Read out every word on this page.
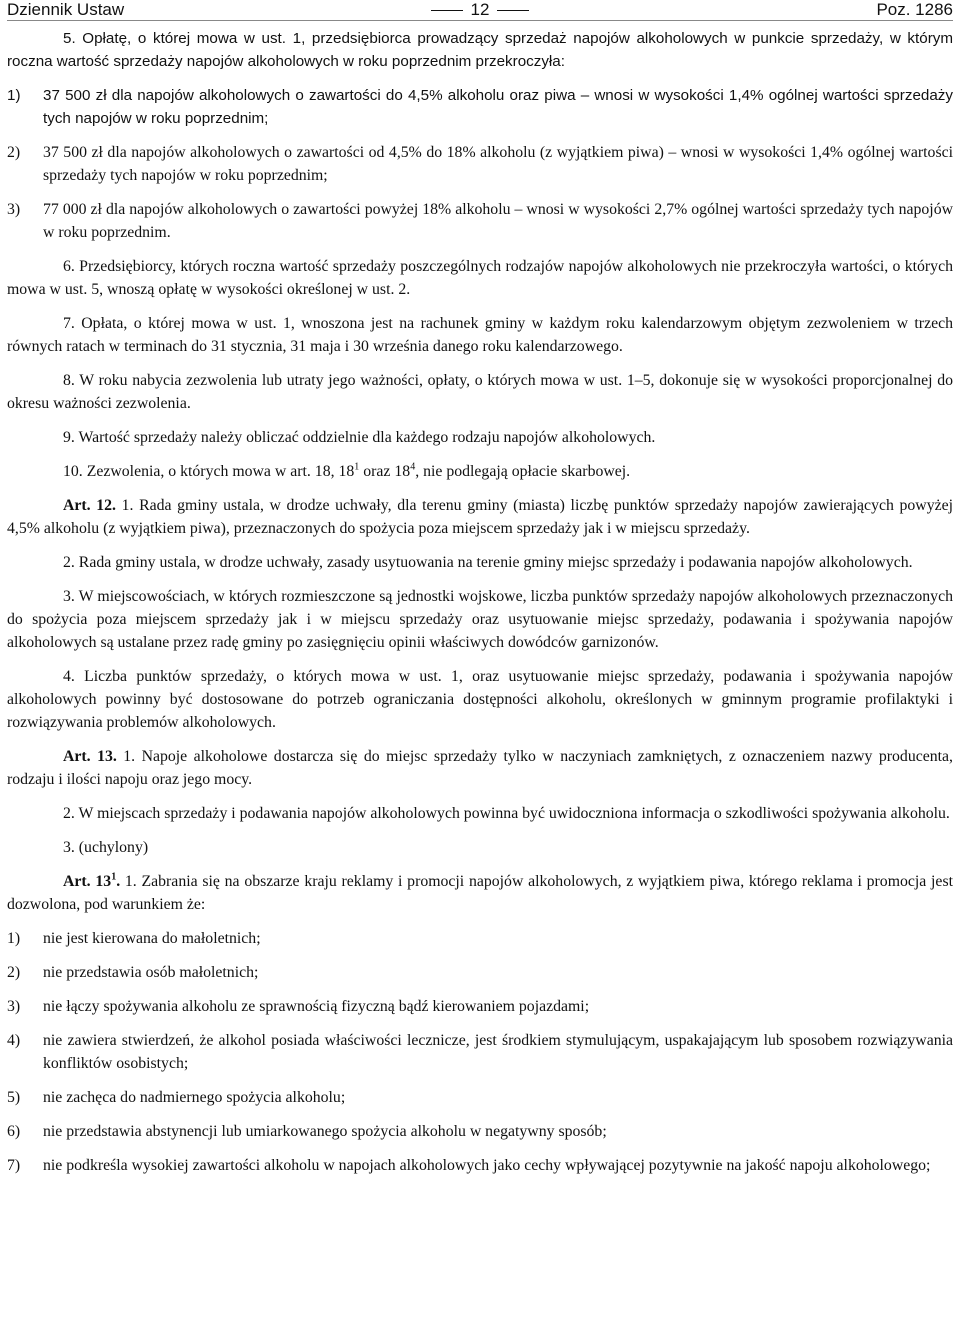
Dziennik Ustaw	12	Poz. 1286

5. Opłatę, o której mowa w ust. 1, przedsiębiorca prowadzący sprzedaż napojów alkoholowych w punkcie sprzedaży, w którym roczna wartość sprzedaży napojów alkoholowych w roku poprzednim przekroczyła:

1) 37 500 zł dla napojów alkoholowych o zawartości do 4,5% alkoholu oraz piwa – wnosi w wysokości 1,4% ogólnej wartości sprzedaży tych napojów w roku poprzednim;
2) 37 500 zł dla napojów alkoholowych o zawartości od 4,5% do 18% alkoholu (z wyjątkiem piwa) – wnosi w wysokości 1,4% ogólnej wartości sprzedaży tych napojów w roku poprzednim;
3) 77 000 zł dla napojów alkoholowych o zawartości powyżej 18% alkoholu – wnosi w wysokości 2,7% ogólnej wartości sprzedaży tych napojów w roku poprzednim.

6. Przedsiębiorcy, których roczna wartość sprzedaży poszczególnych rodzajów napojów alkoholowych nie przekroczyła wartości, o których mowa w ust. 5, wnoszą opłatę w wysokości określonej w ust. 2.

7. Opłata, o której mowa w ust. 1, wnoszona jest na rachunek gminy w każdym roku kalendarzowym objętym zezwoleniem w trzech równych ratach w terminach do 31 stycznia, 31 maja i 30 września danego roku kalendarzowego.

8. W roku nabycia zezwolenia lub utraty jego ważności, opłaty, o których mowa w ust. 1–5, dokonuje się w wysokości proporcjonalnej do okresu ważności zezwolenia.

9. Wartość sprzedaży należy obliczać oddzielnie dla każdego rodzaju napojów alkoholowych.

10. Zezwolenia, o których mowa w art. 18, $18^1$ oraz $18^4$, nie podlegają opłacie skarbowej.

Art. 12. 1. Rada gminy ustala, w drodze uchwały, dla terenu gminy (miasta) liczbę punktów sprzedaży napojów zawierających powyżej 4,5% alkoholu (z wyjątkiem piwa), przeznaczonych do spożycia poza miejscem sprzedaży jak i w miejscu sprzedaży.

2. Rada gminy ustala, w drodze uchwały, zasady usytuowania na terenie gminy miejsc sprzedaży i podawania napojów alkoholowych.

3. W miejscowościach, w których rozmieszczone są jednostki wojskowe, liczba punktów sprzedaży napojów alkoholowych przeznaczonych do spożycia poza miejscem sprzedaży jak i w miejscu sprzedaży oraz usytuowanie miejsc sprzedaży, podawania i spożywania napojów alkoholowych są ustalane przez radę gminy po zasięgnięciu opinii właściwych dowódców garnizonów.

4. Liczba punktów sprzedaży, o których mowa w ust. 1, oraz usytuowanie miejsc sprzedaży, podawania i spożywania napojów alkoholowych powinny być dostosowane do potrzeb ograniczania dostępności alkoholu, określonych w gminnym programie profilaktyki i rozwiązywania problemów alkoholowych.

Art. 13. 1. Napoje alkoholowe dostarcza się do miejsc sprzedaży tylko w naczyniach zamkniętych, z oznaczeniem nazwy producenta, rodzaju i ilości napoju oraz jego mocy.

2. W miejscach sprzedaży i podawania napojów alkoholowych powinna być uwidoczniona informacja o szkodliwości spożywania alkoholu.

3. (uchylony)

Art. $13^1$. 1. Zabrania się na obszarze kraju reklamy i promocji napojów alkoholowych, z wyjątkiem piwa, którego reklama i promocja jest dozwolona, pod warunkiem że:

1) nie jest kierowana do małoletnich;
2) nie przedstawia osób małoletnich;
3) nie łączy spożywania alkoholu ze sprawnością fizyczną bądź kierowaniem pojazdami;
4) nie zawiera stwierdzeń, że alkohol posiada właściwości lecznicze, jest środkiem stymulującym, uspakajającym lub sposobem rozwiązywania konfliktów osobistych;
5) nie zachęca do nadmiernego spożycia alkoholu;
6) nie przedstawia abstynencji lub umiarkowanego spożycia alkoholu w negatywny sposób;
7) nie podkreśla wysokiej zawartości alkoholu w napojach alkoholowych jako cechy wpływającej pozytywnie na jakość napoju alkoholowego;
